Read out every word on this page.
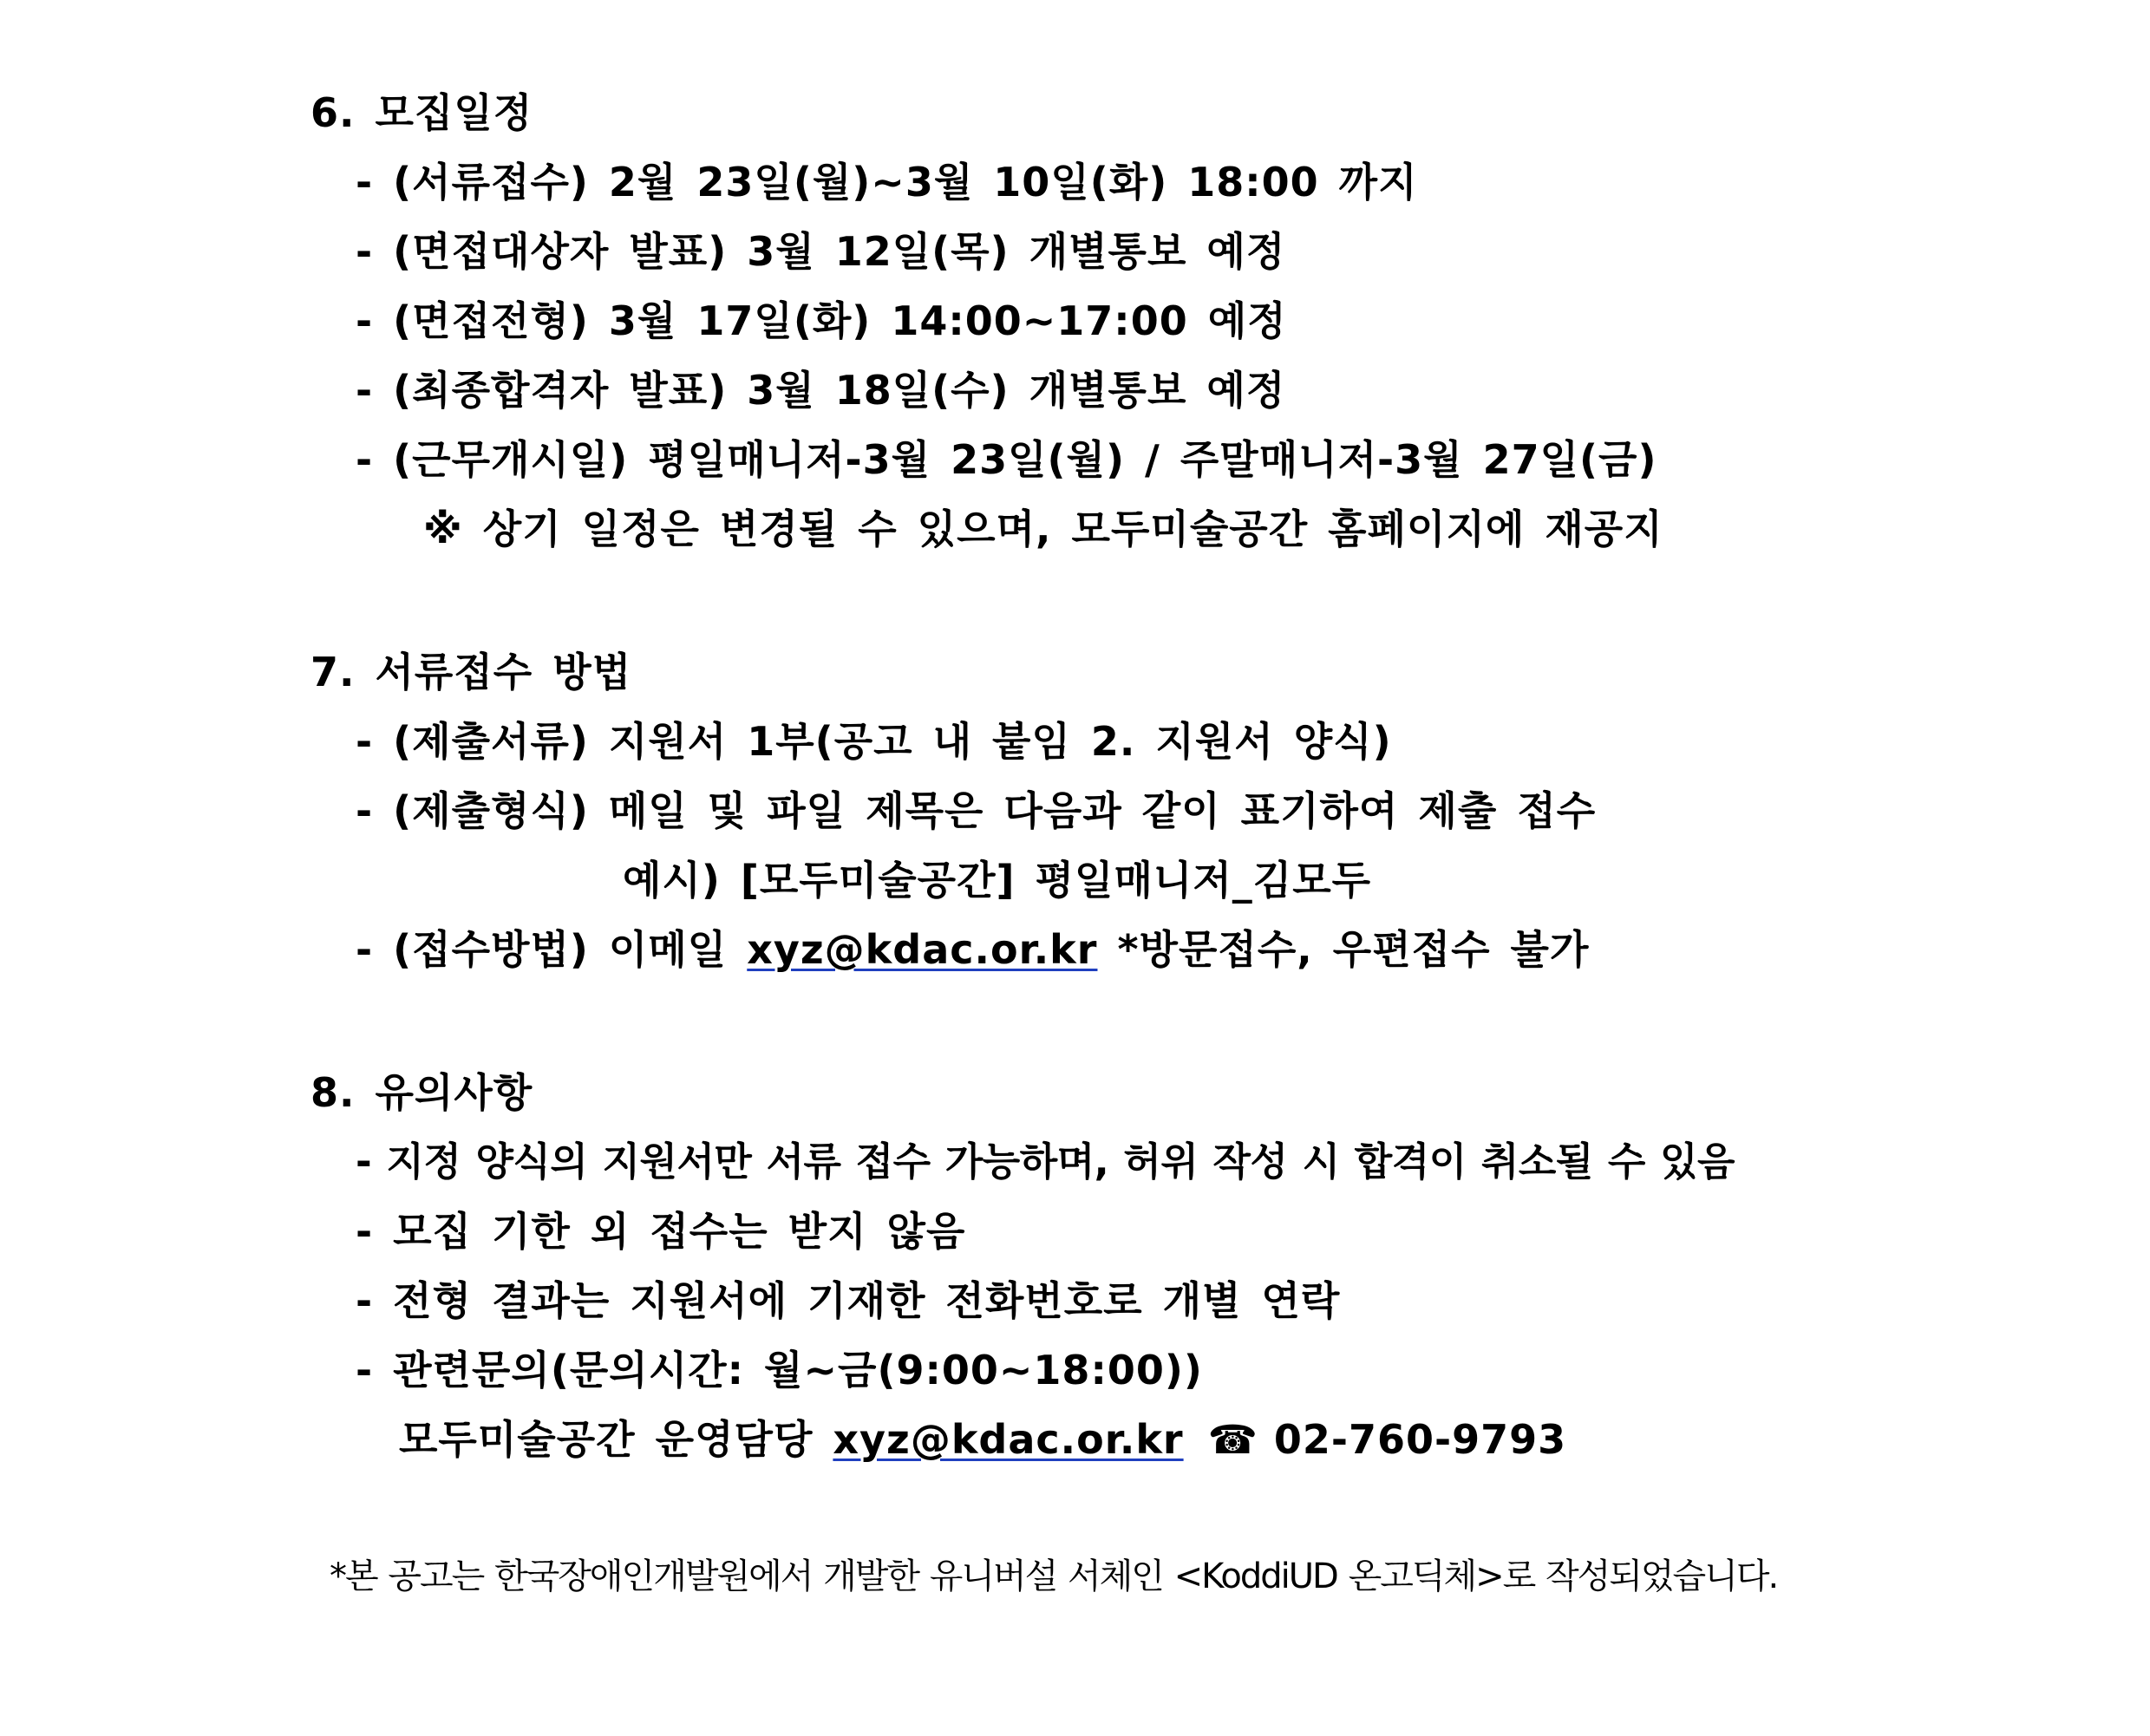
6. 모집일정
- (서류접수) 2월 23일(월)~3월 10일(화) 18:00 까지
- (면접대상자 발표) 3월 12일(목) 개별통보 예정
- (면접전형) 3월 17일(화) 14:00~17:00 예정
- (최종합격자 발표) 3월 18일(수) 개별통보 예정
- (근무개시일) 평일매니저-3월 23일(월) / 주말매니저-3월 27일(금)
※ 상기 일정은 변경될 수 있으며, 모두미술공간 홈페이지에 재공지
7. 서류접수 방법
- (제출서류) 지원서 1부(공고 내 붙임 2. 지원서 양식)
- (제출형식) 메일 및 파일 제목은 다음과 같이 표기하여 제출 접수
예시) [모두미술공간] 평일매니저_김모두
- (접수방법) 이메일 xyz@kdac.or.kr *방문접수, 우편접수 불가
8. 유의사항
- 지정 양식의 지원서만 서류 접수 가능하며, 허위 작성 시 합격이 취소될 수 있음
- 모집 기한 외 접수는 받지 않음
- 전형 결과는 지원서에 기재한 전화번호로 개별 연락
- 관련문의(문의시간: 월~금(9:00~18:00))
모두미술공간 운영담당 xyz@kdac.or.kr ☎ 02-760-9793
*본 공고는 한국장애인개발원에서 개발한 유니버설 서체인 <KoddiUD 온고딕체>로 작성되었습니다.
